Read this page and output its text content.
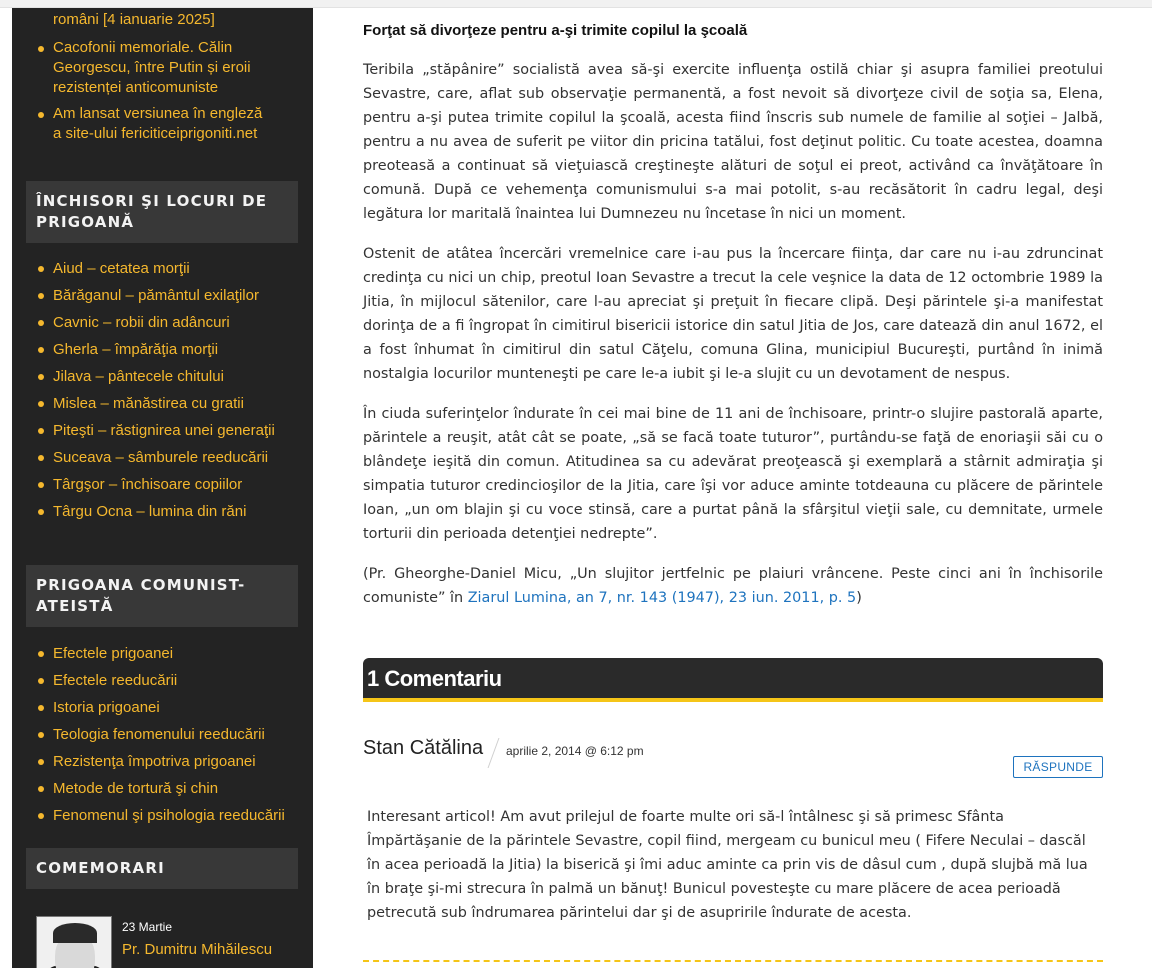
români [4 ianuarie 2025]
Cacofonii memoriale. Călin Georgescu, între Putin și eroii rezistenței anticomuniste
Am lansat versiunea în engleză a site-ului fericiticeiprigoniti.net
ÎNCHISORI ŞI LOCURI DE PRIGOANĂ
Aiud – cetatea morţii
Bărăganul – pământul exilaţilor
Cavnic – robii din adâncuri
Gherla – împărăţia morţii
Jilava – pântecele chitului
Mislea – mănăstirea cu gratii
Piteşti – răstignirea unei generaţii
Suceava – sâmburele reeducării
Târgşor – închisoare copiilor
Târgu Ocna – lumina din răni
PRIGOANA COMUNIST-ATEISTĂ
Efectele prigoanei
Efectele reeducării
Istoria prigoanei
Teologia fenomenului reeducării
Rezistenţa împotriva prigoanei
Metode de tortură şi chin
Fenomenul şi psihologia reeducării
COMEMORARI
23 Martie
Pr. Dumitru Mihăilescu
Forţat să divorţeze pentru a-şi trimite copilul la şcoală

Teribila „stăpânire” socialistă avea să-şi exercite influenţa ostilă chiar şi asupra familiei preotului Sevastre, care, aflat sub observaţie permanentă, a fost nevoit să divorţeze civil de soţia sa, Elena, pentru a-şi putea trimite copilul la şcoală, acesta fiind înscris sub numele de familie al soţiei – Jalbă, pentru a nu avea de suferit pe viitor din pricina tatălui, fost deţinut politic. Cu toate acestea, doamna preoteasă a continuat să vieţuiască creştineşte alături de soţul ei preot, activând ca învăţătoare în comună. După ce vehemenţa comunismului s-a mai potolit, s-au recăsătorit în cadru legal, deşi legătura lor maritală înaintea lui Dumnezeu nu încetase în nici un moment.

Ostenit de atâtea încercări vremelnice care i-au pus la încercare fiinţa, dar care nu i-au zdruncinat credinţa cu nici un chip, preotul Ioan Sevastre a trecut la cele veşnice la data de 12 octombrie 1989 la Jitia, în mijlocul sătenilor, care l-au apreciat şi preţuit în fiecare clipă. Deşi părintele şi-a manifestat dorinţa de a fi îngropat în cimitirul bisericii istorice din satul Jitia de Jos, care datează din anul 1672, el a fost înhumat în cimitirul din satul Căţelu, comuna Glina, municipiul Bucureşti, purtând în inimă nostalgia locurilor munteneşti pe care le-a iubit şi le-a slujit cu un devotament de nespus.

În ciuda suferinţelor îndurate în cei mai bine de 11 ani de închisoare, printr-o slujire pastorală aparte, părintele a reuşit, atât cât se poate, „să se facă toate tuturor”, purtându-se faţă de enoriaşii săi cu o blândeţe ieşită din comun. Atitudinea sa cu adevărat preoţească şi exemplară a stârnit admiraţia şi simpatia tuturor credincioşilor de la Jitia, care îşi vor aduce aminte totdeauna cu plăcere de părintele Ioan, „un om blajin şi cu voce stinsă, care a purtat până la sfârşitul vieţii sale, cu demnitate, urmele torturii din perioada detenţiei nedrepte”.

(Pr. Gheorghe-Daniel Micu, „Un slujitor jertfelnic pe plaiuri vrâncene. Peste cinci ani în închisorile comuniste” în Ziarul Lumina, an 7, nr. 143 (1947), 23 iun. 2011, p. 5)

1 Comentariu
Stan Cătălina aprilie 2, 2014 @ 6:12 pm
RĂSPUNDE

Interesant articol! Am avut prilejul de foarte multe ori să-l întâlnesc şi să primesc Sfânta Împărtăşanie de la părintele Sevastre, copil fiind, mergeam cu bunicul meu ( Fifere Neculai – dascăl în acea perioadă la Jitia) la biserică şi îmi aduc aminte ca prin vis de dâsul cum , după slujbă mă lua în braţe şi-mi strecura în palmă un bănuţ! Bunicul povesteşte cu mare plăcere de acea perioadă petrecută sub îndrumarea părintelui dar şi de asupririle îndurate de acesta.
